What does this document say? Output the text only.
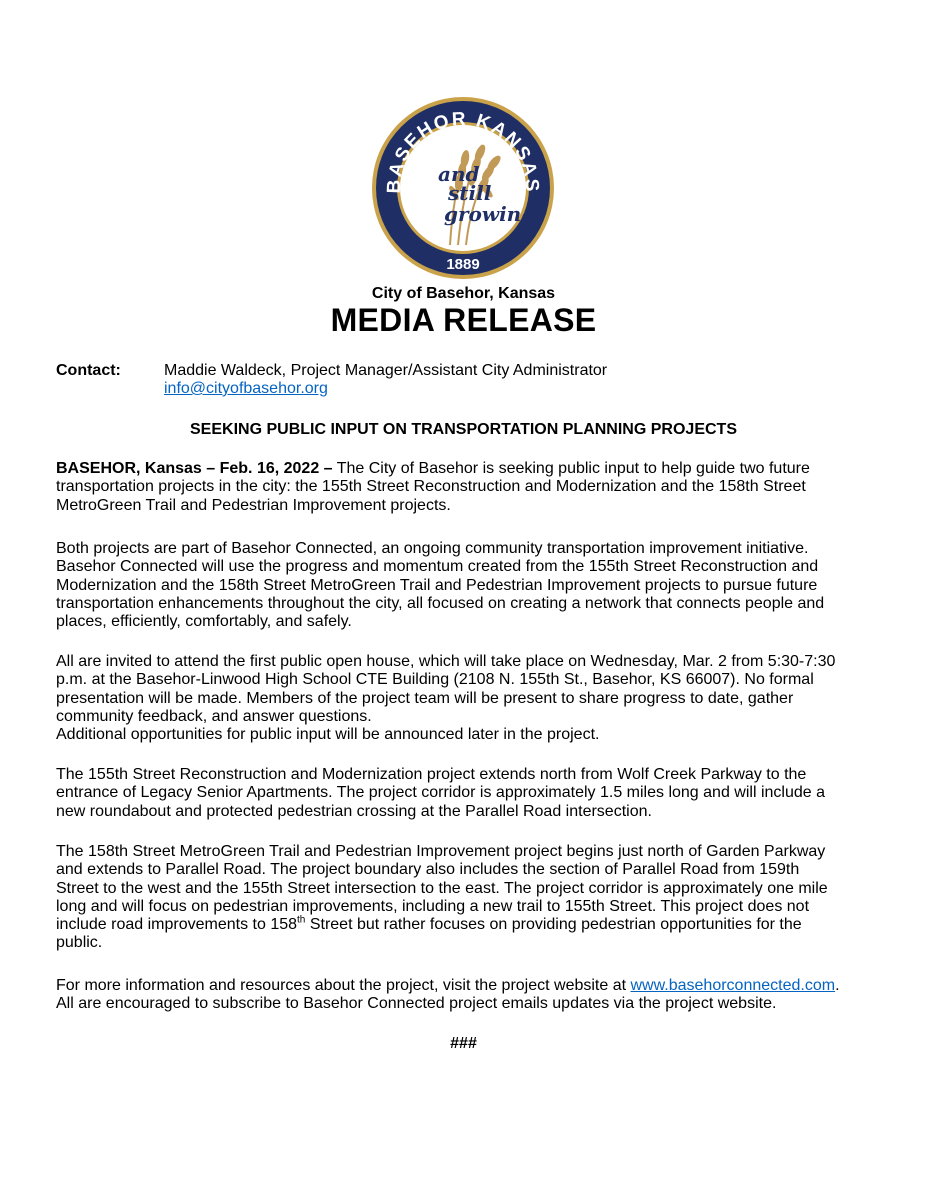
BASEHOR KANSAS
1889
and
still
growing
City of Basehor, Kansas
MEDIA RELEASE
Contact:	Maddie Waldeck, Project Manager/Assistant City Administrator
info@cityofbasehor.org
SEEKING PUBLIC INPUT ON TRANSPORTATION PLANNING PROJECTS

BASEHOR, Kansas – Feb. 16, 2022 – The City of Basehor is seeking public input to help guide two future
transportation projects in the city: the 155th Street Reconstruction and Modernization and the 158th Street
MetroGreen Trail and Pedestrian Improvement projects.

Both projects are part of Basehor Connected, an ongoing community transportation improvement initiative.
Basehor Connected will use the progress and momentum created from the 155th Street Reconstruction and
Modernization and the 158th Street MetroGreen Trail and Pedestrian Improvement projects to pursue future
transportation enhancements throughout the city, all focused on creating a network that connects people and
places, efficiently, comfortably, and safely.

All are invited to attend the first public open house, which will take place on Wednesday, Mar. 2 from 5:30-7:30
p.m. at the Basehor-Linwood High School CTE Building (2108 N. 155th St., Basehor, KS 66007). No formal
presentation will be made. Members of the project team will be present to share progress to date, gather
community feedback, and answer questions.
Additional opportunities for public input will be announced later in the project.

The 155th Street Reconstruction and Modernization project extends north from Wolf Creek Parkway to the
entrance of Legacy Senior Apartments. The project corridor is approximately 1.5 miles long and will include a
new roundabout and protected pedestrian crossing at the Parallel Road intersection.

The 158th Street MetroGreen Trail and Pedestrian Improvement project begins just north of Garden Parkway
and extends to Parallel Road. The project boundary also includes the section of Parallel Road from 159th
Street to the west and the 155th Street intersection to the east. The project corridor is approximately one mile
long and will focus on pedestrian improvements, including a new trail to 155th Street. This project does not
include road improvements to 158th Street but rather focuses on providing pedestrian opportunities for the
public.

For more information and resources about the project, visit the project website at www.basehorconnected.com.
All are encouraged to subscribe to Basehor Connected project emails updates via the project website.

###
